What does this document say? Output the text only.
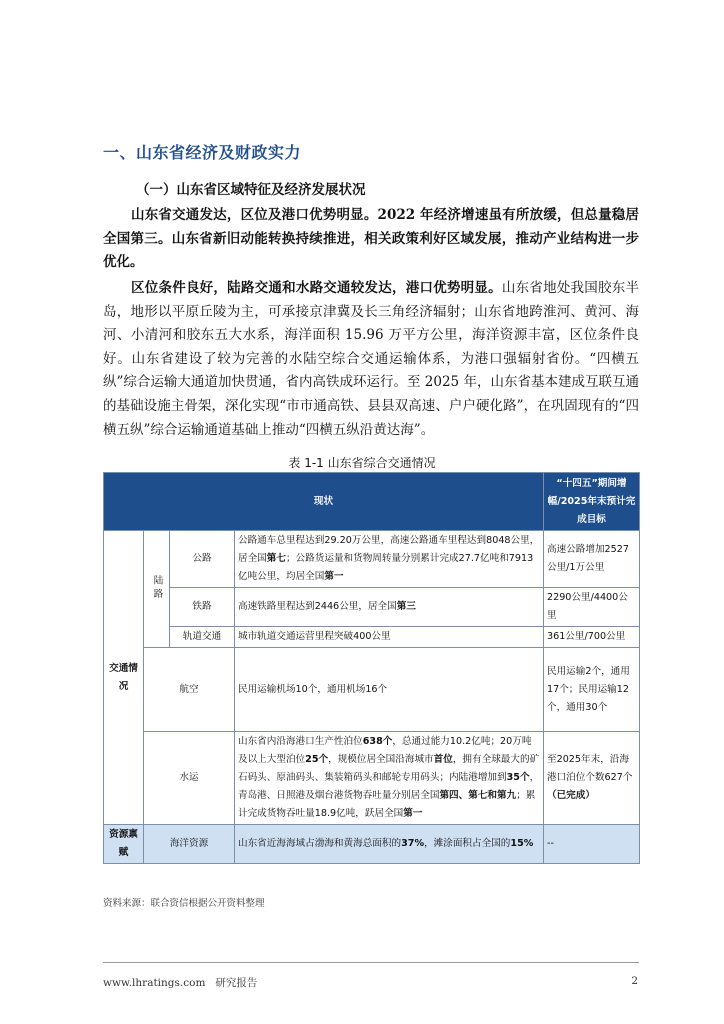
一、山东省经济及财政实力
（一）山东省区域特征及经济发展状况
山东省交通发达，区位及港口优势明显。2022 年经济增速虽有所放缓，但总量稳居全国第三。山东省新旧动能转换持续推进，相关政策利好区域发展，推动产业结构进一步优化。
区位条件良好，陆路交通和水路交通较发达，港口优势明显。山东省地处我国胶东半岛，地形以平原丘陵为主，可承接京津冀及长三角经济辐射；山东省地跨淮河、黄河、海河、小清河和胶东五大水系，海洋面积 15.96 万平方公里，海洋资源丰富，区位条件良好。山东省建设了较为完善的水陆空综合交通运输体系，为港口强辐射省份。“四横五纵”综合运输大通道加快贯通，省内高铁成环运行。至 2025 年，山东省基本建成互联互通的基础设施主骨架，深化实现“市市通高铁、县县双高速、户户硬化路”，在巩固现有的“四横五纵”综合运输通道基础上推动“四横五纵沿黄达海”。
表 1-1 山东省综合交通情况
现状				“十四五”期间增幅/2025年末预计完成目标
交通情况	陆路	公路	公路通车总里程达到29.20万公里，高速公路通车里程达到8048公里，居全国第七；公路货运量和货物周转量分别累计完成27.7亿吨和7913亿吨公里，均居全国第一	高速公路增加2527公里/1万公里
		铁路	高速铁路里程达到2446公里，居全国第三	2290公里/4400公里
		轨道交通	城市轨道交通运营里程突破400公里	361公里/700公里
	航空		民用运输机场10个，通用机场16个	民用运输2个，通用17个；民用运输12个，通用30个
	水运		山东省内沿海港口生产性泊位638个，总通过能力10.2亿吨；20万吨及以上大型泊位25个，规模位居全国沿海城市首位，拥有全球最大的矿石码头、原油码头、集装箱码头和邮轮专用码头；内陆港增加到35个，青岛港、日照港及烟台港货物吞吐量分别居全国第四、第七和第九；累计完成货物吞吐量18.9亿吨，跃居全国第一	至2025年末，沿海港口泊位个数627个（已完成）
资源禀赋	海洋资源		山东省近海海域占渤海和黄海总面积的37%，滩涂面积占全国的15%	--
资料来源：联合资信根据公开资料整理
www.lhratings.com 研究报告	2
